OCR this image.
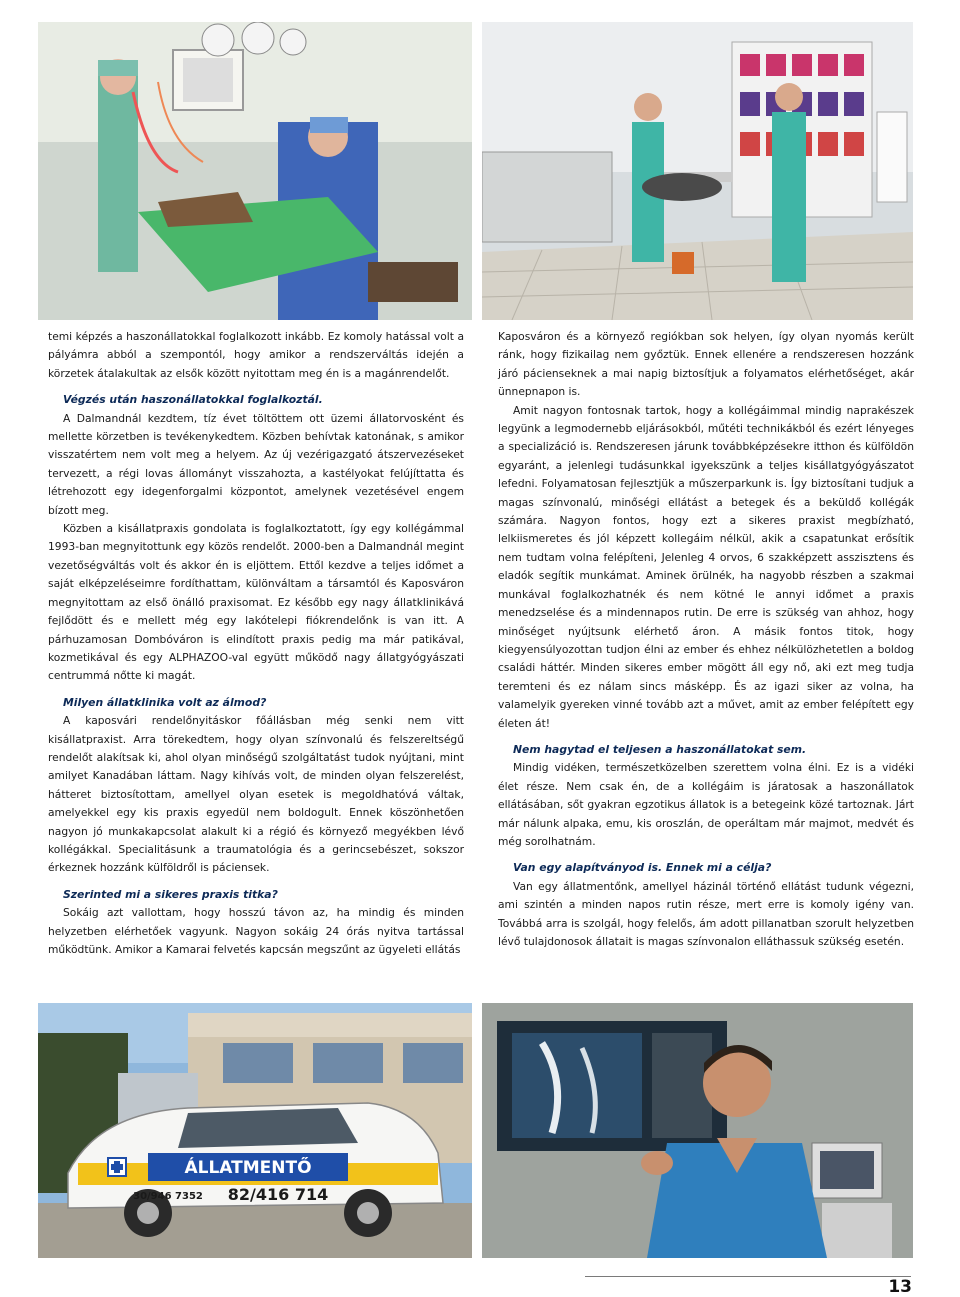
temi képzés a haszonállatokkal foglalkozott inkább. Ez komoly hatással volt a pályámra abból a szempontól, hogy amikor a rendszerváltás idején a körzetek átalakultak az elsők között nyitottam meg én is a magánrendelőt.

Végzés után haszonállatokkal foglalkoztál.

A Dalmandnál kezdtem, tíz évet töltöttem ott üzemi állatorvosként és mellette körzetben is tevékenykedtem. Közben behívtak katonának, s amikor visszatértem nem volt meg a helyem. Az új vezérigazgató átszervezéseket tervezett, a régi lovas állományt visszahozta, a kastélyokat felújíttatta és létrehozott egy idegenforgalmi központot, amelynek vezetésével engem bízott meg.

Közben a kisállatpraxis gondolata is foglalkoztatott, így egy kollégámmal 1993-ban megnyitottunk egy közös rendelőt. 2000-ben a Dalmandnál megint vezetőségváltás volt és akkor én is eljöttem. Ettől kezdve a teljes időmet a saját elképzeléseimre fordíthattam, különváltam a társamtól és Kaposváron megnyitottam az első önálló praxisomat. Ez később egy nagy állatklinikává fejlődött és e mellett még egy lakótelepi fiókrendelőnk is van itt. A párhuzamosan Dombóváron is elindított praxis pedig ma már patikával, kozmetikával és egy ALPHAZOO-val együtt működő nagy állatgyógyászati centrummá nőtte ki magát.

Milyen állatklinika volt az álmod?

A kaposvári rendelőnyitáskor főállásban még senki nem vitt kisállatpraxist. Arra törekedtem, hogy olyan színvonalú és felszereltségű rendelőt alakítsak ki, ahol olyan minőségű szolgáltatást tudok nyújtani, mint amilyet Kanadában láttam. Nagy kihívás volt, de minden olyan felszerelést, hátteret biztosítottam, amellyel olyan esetek is megoldhatóvá váltak, amelyekkel egy kis praxis egyedül nem boldogult. Ennek köszönhetően nagyon jó munkakapcsolat alakult ki a régió és környező megyékben lévő kollégákkal. Specialitásunk a traumatológia és a gerincsebészet, sokszor érkeznek hozzánk külföldről is páciensek.

Szerinted mi a sikeres praxis titka?

Sokáig azt vallottam, hogy hosszú távon az, ha mindig és minden helyzetben elérhetőek vagyunk. Nagyon sokáig 24 órás nyitva tartással működtünk. Amikor a Kamarai felvetés kapcsán megszűnt az ügyeleti ellátás

Kaposváron és a környező regiókban sok helyen, így olyan nyomás került ránk, hogy fizikailag nem győztük. Ennek ellenére a rendszeresen hozzánk járó pácienseknek a mai napig biztosítjuk a folyamatos elérhetőséget, akár ünnepnapon is.

Amit nagyon fontosnak tartok, hogy a kollégáimmal mindig naprakészek legyünk a legmodernebb eljárásokból, műtéti technikákból és ezért lényeges a specializáció is. Rendszeresen járunk továbbképzésekre itthon és külföldön egyaránt, a jelenlegi tudásunkkal igyekszünk a teljes kisállatgyógyászatot lefedni. Folyamatosan fejlesztjük a műszerparkunk is. Így biztosítani tudjuk a magas színvonalú, minőségi ellátást a betegek és a beküldő kollégák számára. Nagyon fontos, hogy ezt a sikeres praxist megbízható, lelkiismeretes és jól képzett kollegáim nélkül, akik a csapatunkat erősítik nem tudtam volna felépíteni, Jelenleg 4 orvos, 6 szakképzett asszisztens és eladók segítik munkámat. Aminek örülnék, ha nagyobb részben a szakmai munkával foglalkozhatnék és nem kötné le annyi időmet a praxis menedzselése és a mindennapos rutin. De erre is szükség van ahhoz, hogy minőséget nyújtsunk elérhető áron. A másik fontos titok, hogy kiegyensúlyozottan tudjon élni az ember és ehhez nélkülözhetetlen a boldog családi háttér. Minden sikeres ember mögött áll egy nő, aki ezt meg tudja teremteni és ez nálam sincs másképp. És az igazi siker az volna, ha valamelyik gyereken vinné tovább azt a művet, amit az ember felépített egy életen át!

Nem hagytad el teljesen a haszonállatokat sem.

Mindig vidéken, természetközelben szerettem volna élni. Ez is a vidéki élet része. Nem csak én, de a kollégáim is járatosak a haszonállatok ellátásában, sőt gyakran egzotikus állatok is a betegeink közé tartoznak. Járt már nálunk alpaka, emu, kis oroszlán, de operáltam már majmot, medvét és még sorolhatnám.

Van egy alapítványod is. Ennek mi a célja?

Van egy állatmentőnk, amellyel házinál történő ellátást tudunk végezni, ami szintén a minden napos rutin része, mert erre is komoly igény van. Továbbá arra is szolgál, hogy felelős, ám adott pillanatban szorult helyzetben lévő tulajdonosok állatait is magas színvonalon elláthassuk szükség esetén.

ÁLLATMENTŐ
30/946 7352 82/416 714
13
